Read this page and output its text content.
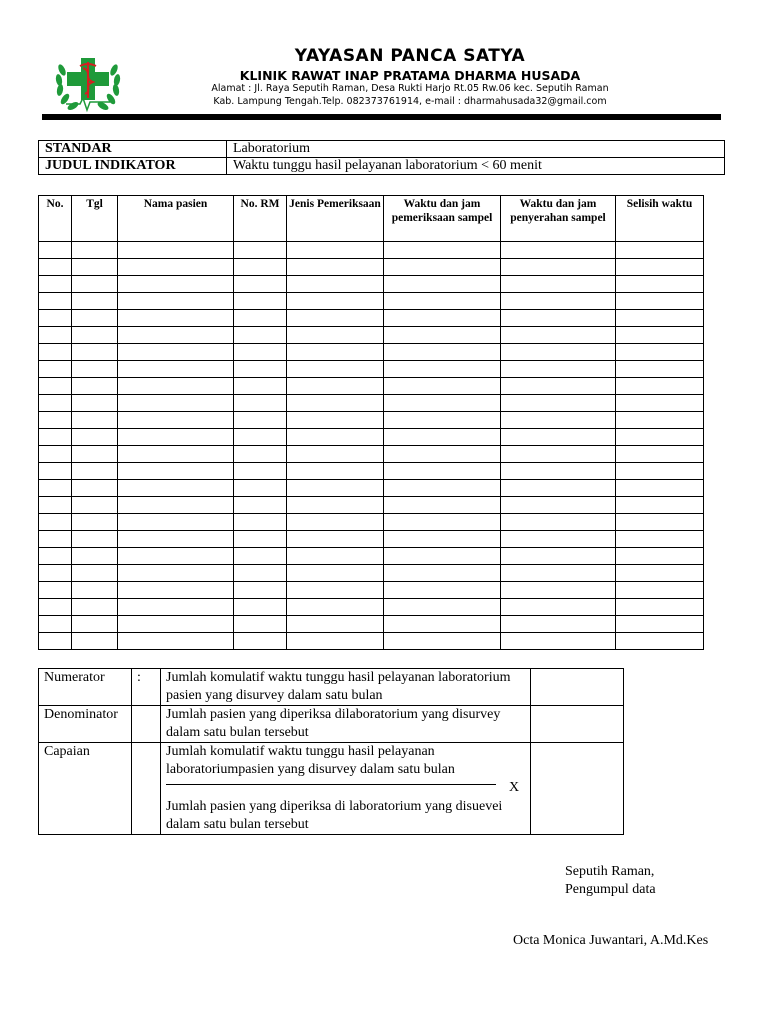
YAYASAN PANCA SATYA
KLINIK RAWAT INAP PRATAMA DHARMA HUSADA
Alamat : Jl. Raya Seputih Raman, Desa Rukti Harjo Rt.05 Rw.06 kec. Seputih Raman
Kab. Lampung Tengah.Telp. 082373761914, e-mail : dharmahusada32@gmail.com
STANDAR	Laboratorium
JUDUL INDIKATOR	Waktu tunggu hasil pelayanan laboratorium < 60 menit
No.	Tgl	Nama pasien	No. RM	Jenis Pemeriksaan	Waktu dan jam pemeriksaan sampel	Waktu dan jam penyerahan sampel	Selisih waktu

Numerator	:	Jumlah komulatif waktu tunggu hasil pelayanan laboratorium pasien yang disurvey dalam satu bulan	
Denominator		Jumlah pasien yang diperiksa dilaboratorium yang disurvey dalam satu bulan tersebut	
Capaian		Jumlah komulatif waktu tunggu hasil pelayanan laboratoriumpasien yang disurvey dalam satu bulan
Jumlah pasien yang diperiksa di laboratorium yang disuevei dalam satu bulan tersebut
X	

Seputih Raman,
Pengumpul data
Octa Monica Juwantari, A.Md.Kes
